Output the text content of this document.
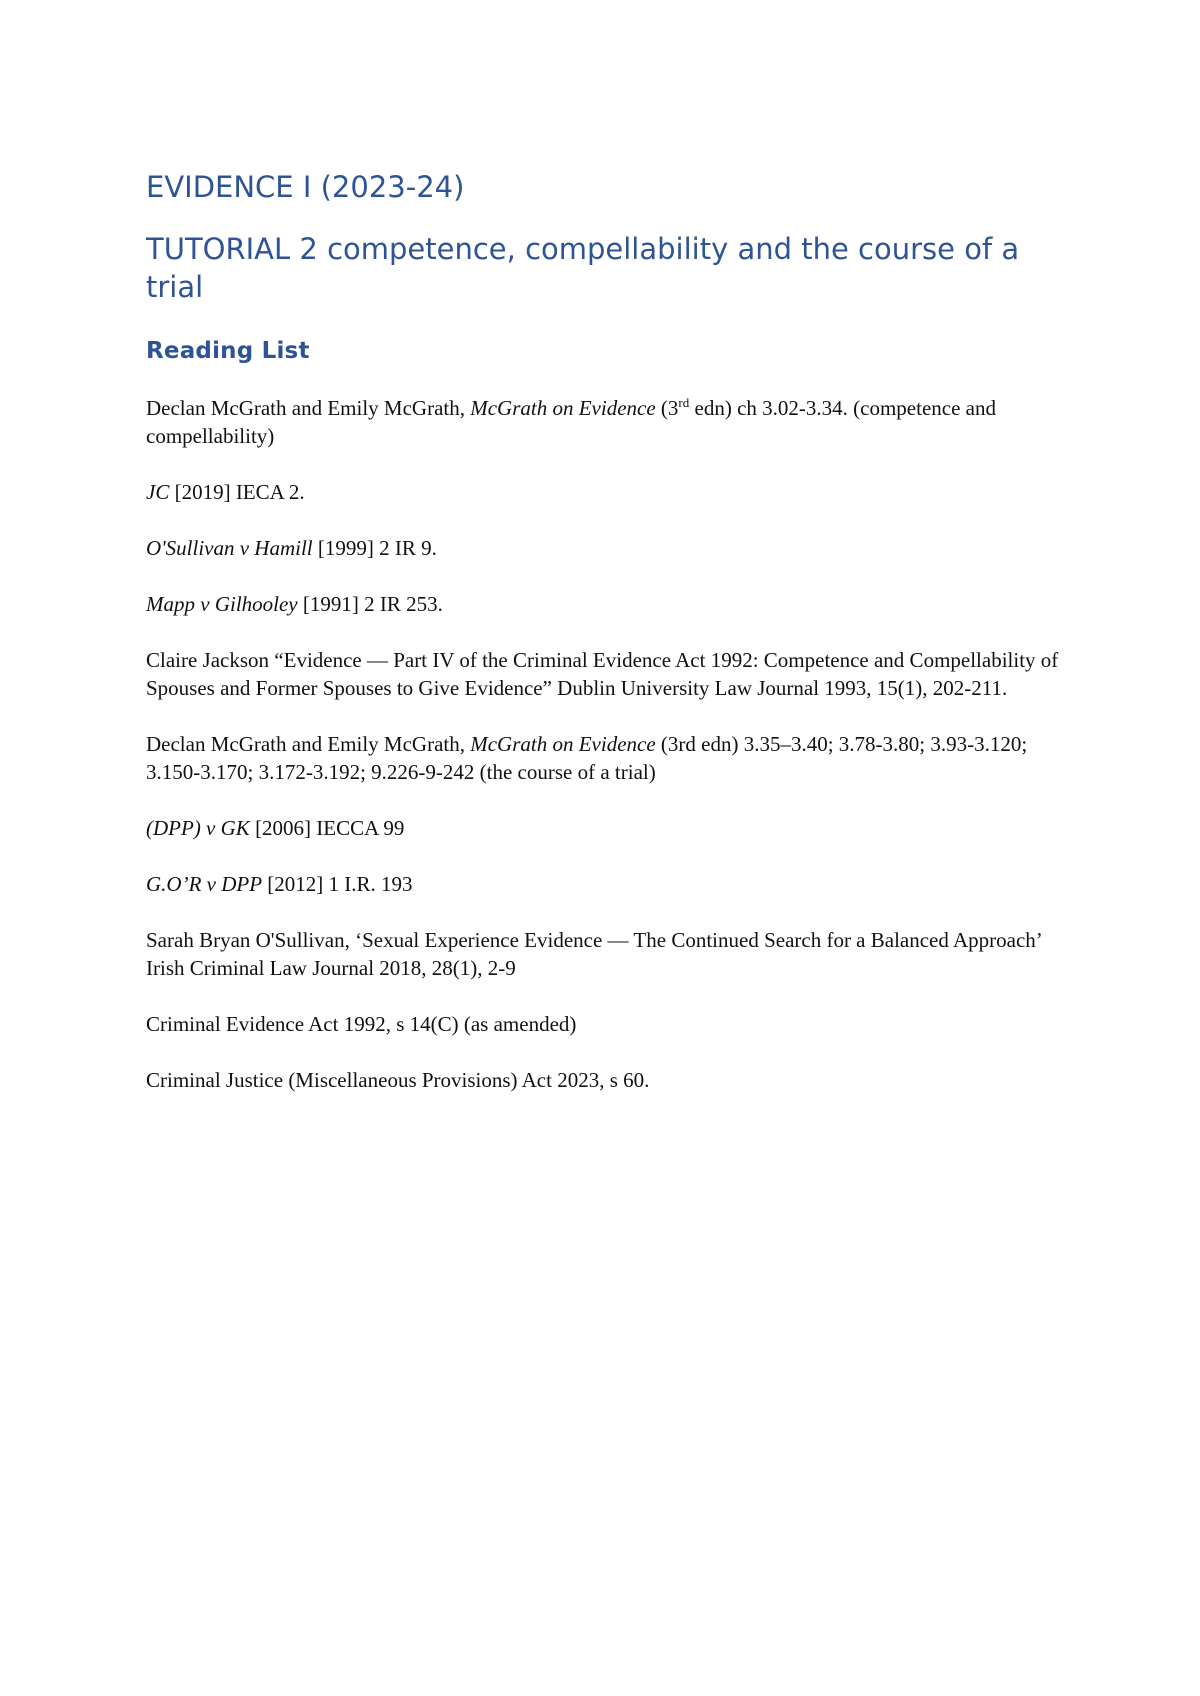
EVIDENCE I (2023-24)
TUTORIAL 2 competence, compellability and the course of a trial
Reading List
Declan McGrath and Emily McGrath, McGrath on Evidence (3rd edn) ch 3.02-3.34. (competence and compellability)
JC [2019] IECA 2.
O'Sullivan v Hamill [1999] 2 IR 9.
Mapp v Gilhooley [1991] 2 IR 253.
Claire Jackson “Evidence — Part IV of the Criminal Evidence Act 1992: Competence and Compellability of Spouses and Former Spouses to Give Evidence” Dublin University Law Journal 1993, 15(1), 202-211.
Declan McGrath and Emily McGrath, McGrath on Evidence (3rd edn) 3.35–3.40; 3.78-3.80; 3.93-3.120; 3.150-3.170; 3.172-3.192; 9.226-9-242 (the course of a trial)
(DPP) v GK [2006] IECCA 99
G.O’R v DPP [2012] 1 I.R. 193
Sarah Bryan O'Sullivan, ‘Sexual Experience Evidence — The Continued Search for a Balanced Approach’ Irish Criminal Law Journal 2018, 28(1), 2-9
Criminal Evidence Act 1992, s 14(C) (as amended)
Criminal Justice (Miscellaneous Provisions) Act 2023, s 60.
